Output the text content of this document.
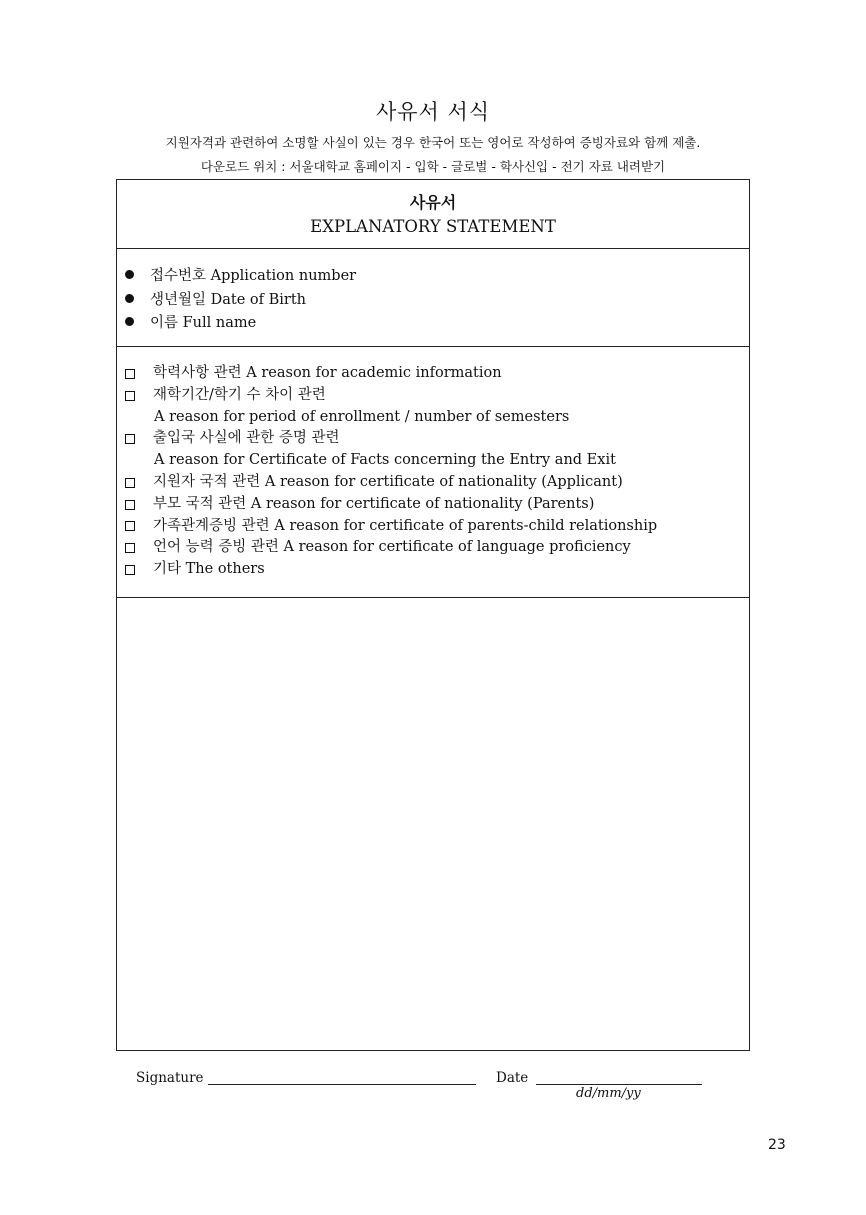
사유서 서식
지원자격과 관련하여 소명할 사실이 있는 경우 한국어 또는 영어로 작성하여 증빙자료와 함께 제출.
다운로드 위치 : 서울대학교 홈페이지 - 입학 - 글로벌 - 학사신입 - 전기 자료 내려받기
사유서
EXPLANATORY STATEMENT
접수번호 Application number
생년월일 Date of Birth
이름 Full name
학력사항 관련 A reason for academic information
재학기간/학기 수 차이 관련
A reason for period of enrollment / number of semesters
출입국 사실에 관한 증명 관련
A reason for Certificate of Facts concerning the Entry and Exit
지원자 국적 관련 A reason for certificate of nationality (Applicant)
부모 국적 관련 A reason for certificate of nationality (Parents)
가족관계증빙 관련 A reason for certificate of parents-child relationship
언어 능력 증빙 관련 A reason for certificate of language proficiency
기타 The others
Signature	Date
dd/mm/yy
23
